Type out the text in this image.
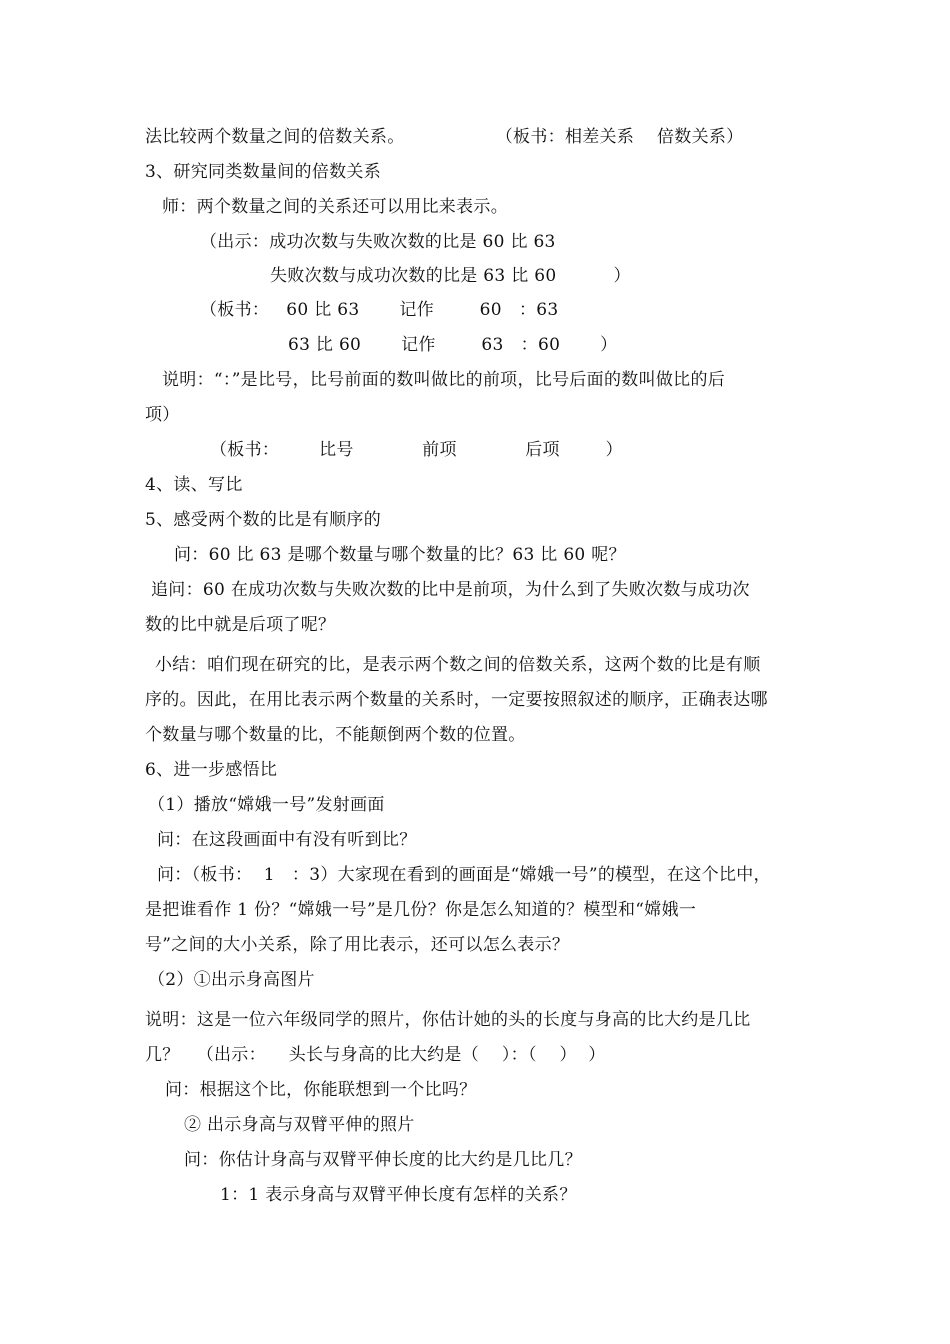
法比较两个数量之间的倍数关系。                （板书：相差关系    倍数关系）
3、研究同类数量间的倍数关系
师：两个数量之间的关系还可以用比来表示。
（出示：成功次数与失败次数的比是 60 比 63
失败次数与成功次数的比是 63 比 60          ）
（板书：   60 比 63       记作        60   ：63
63 比 60       记作        63   ：60       ）
说明：“：”是比号，比号前面的数叫做比的前项，比号后面的数叫做比的后
项）
（板书：       比号            前项            后项        ）
4、读、写比
5、感受两个数的比是有顺序的
问：60 比 63 是哪个数量与哪个数量的比？63 比 60 呢？
追问：60 在成功次数与失败次数的比中是前项，为什么到了失败次数与成功次
数的比中就是后项了呢？
小结：咱们现在研究的比，是表示两个数之间的倍数关系，这两个数的比是有顺
序的。因此，在用比表示两个数量的关系时，一定要按照叙述的顺序，正确表达哪
个数量与哪个数量的比，不能颠倒两个数的位置。
6、进一步感悟比
（1）播放“嫦娥一号”发射画面
问：在这段画面中有没有听到比？
问：（板书：  1   ：3）大家现在看到的画面是“嫦娥一号”的模型，在这个比中，
是把谁看作 1 份？“嫦娥一号”是几份？你是怎么知道的？模型和“嫦娥一
号”之间的大小关系，除了用比表示，还可以怎么表示？
（2）①出示身高图片
说明：这是一位六年级同学的照片，你估计她的头的长度与身高的比大约是几比
几？   （出示：    头长与身高的比大约是（    ）：（    ）  ）
问：根据这个比，你能联想到一个比吗？
② 出示身高与双臂平伸的照片
问：你估计身高与双臂平伸长度的比大约是几比几？
1：1 表示身高与双臂平伸长度有怎样的关系？
